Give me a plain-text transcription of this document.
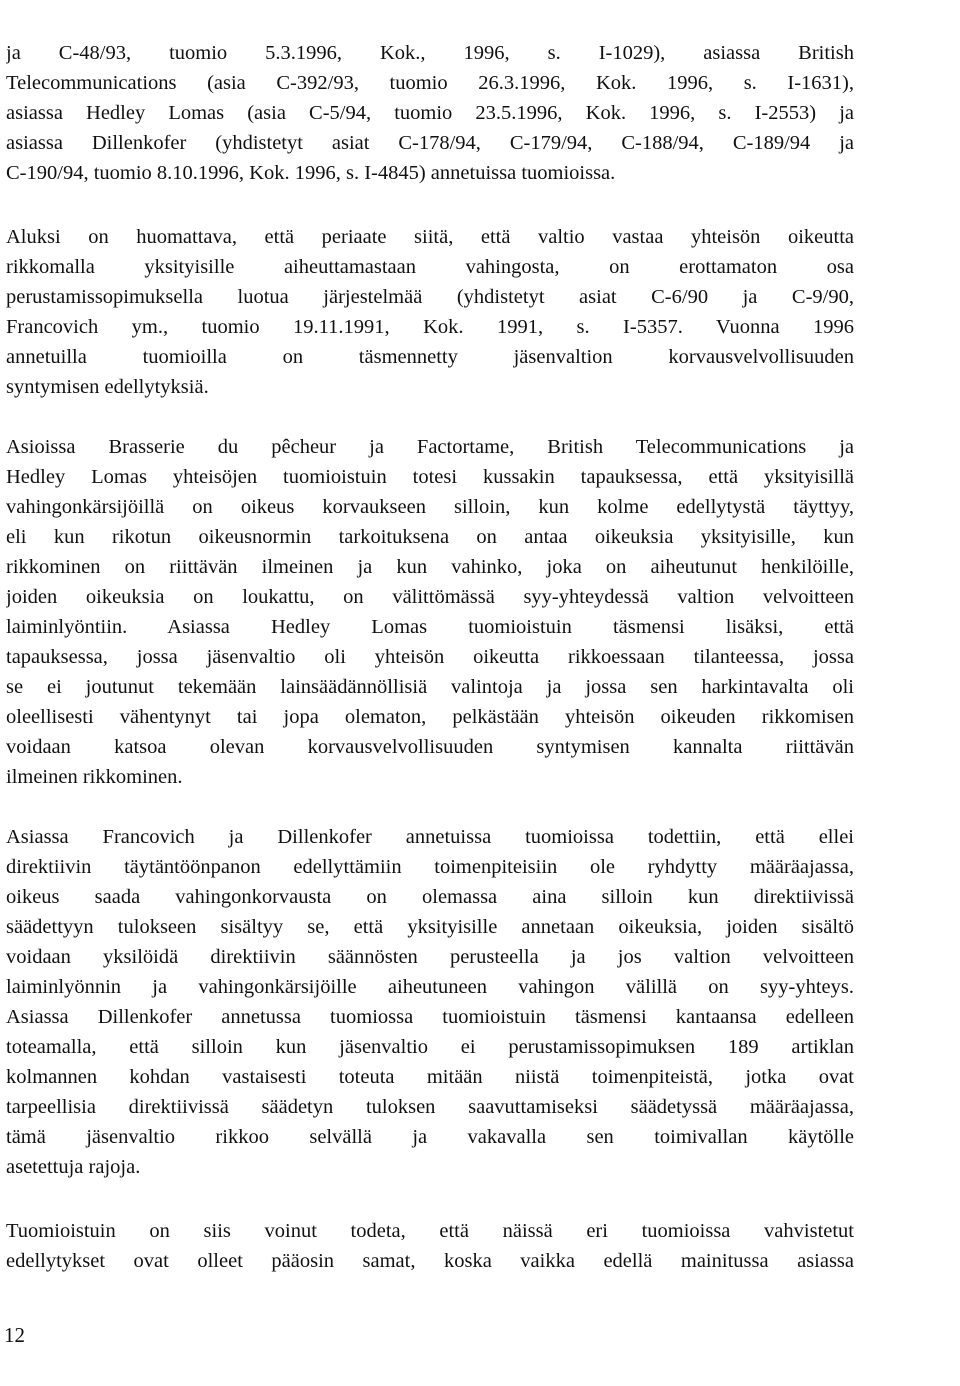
ja C-48/93, tuomio 5.3.1996, Kok., 1996, s. I-1029), asiassa British
Telecommunications (asia C-392/93, tuomio 26.3.1996, Kok. 1996, s. I-1631),
asiassa Hedley Lomas (asia C-5/94, tuomio 23.5.1996, Kok. 1996, s. I-2553) ja
asiassa Dillenkofer (yhdistetyt asiat C-178/94, C-179/94, C-188/94, C-189/94 ja
C-190/94, tuomio 8.10.1996, Kok. 1996, s. I-4845) annetuissa tuomioissa.
Aluksi on huomattava, että periaate siitä, että valtio vastaa yhteisön oikeutta
rikkomalla yksityisille aiheuttamastaan vahingosta, on erottamaton osa
perustamissopimuksella luotua järjestelmää (yhdistetyt asiat C-6/90 ja C-9/90,
Francovich ym., tuomio 19.11.1991, Kok. 1991, s. I-5357. Vuonna 1996
annetuilla tuomioilla on täsmennetty jäsenvaltion korvausvelvollisuuden
syntymisen edellytyksiä.
Asioissa Brasserie du pêcheur ja Factortame, British Telecommunications ja
Hedley Lomas yhteisöjen tuomioistuin totesi kussakin tapauksessa, että yksityisillä
vahingonkärsijöillä on oikeus korvaukseen silloin, kun kolme edellytystä täyttyy,
eli kun rikotun oikeusnormin tarkoituksena on antaa oikeuksia yksityisille, kun
rikkominen on riittävän ilmeinen ja kun vahinko, joka on aiheutunut henkilöille,
joiden oikeuksia on loukattu, on välittömässä syy-yhteydessä valtion velvoitteen
laiminlyöntiin. Asiassa Hedley Lomas tuomioistuin täsmensi lisäksi, että
tapauksessa, jossa jäsenvaltio oli yhteisön oikeutta rikkoessaan tilanteessa, jossa
se ei joutunut tekemään lainsäädännöllisiä valintoja ja jossa sen harkintavalta oli
oleellisesti vähentynyt tai jopa olematon, pelkästään yhteisön oikeuden rikkomisen
voidaan katsoa olevan korvausvelvollisuuden syntymisen kannalta riittävän
ilmeinen rikkominen.
Asiassa Francovich ja Dillenkofer annetuissa tuomioissa todettiin, että ellei
direktiivin täytäntöönpanon edellyttämiin toimenpiteisiin ole ryhdytty määräajassa,
oikeus saada vahingonkorvausta on olemassa aina silloin kun direktiivissä
säädettyyn tulokseen sisältyy se, että yksityisille annetaan oikeuksia, joiden sisältö
voidaan yksilöidä direktiivin säännösten perusteella ja jos valtion velvoitteen
laiminlyönnin ja vahingonkärsijöille aiheutuneen vahingon välillä on syy-yhteys.
Asiassa Dillenkofer annetussa tuomiossa tuomioistuin täsmensi kantaansa edelleen
toteamalla, että silloin kun jäsenvaltio ei perustamissopimuksen 189 artiklan
kolmannen kohdan vastaisesti toteuta mitään niistä toimenpiteistä, jotka ovat
tarpeellisia direktiivissä säädetyn tuloksen saavuttamiseksi säädetyssä määräajassa,
tämä jäsenvaltio rikkoo selvällä ja vakavalla sen toimivallan käytölle
asetettuja rajoja.
Tuomioistuin on siis voinut todeta, että näissä eri tuomioissa vahvistetut
edellytykset ovat olleet pääosin samat, koska vaikka edellä mainitussa asiassa

12
